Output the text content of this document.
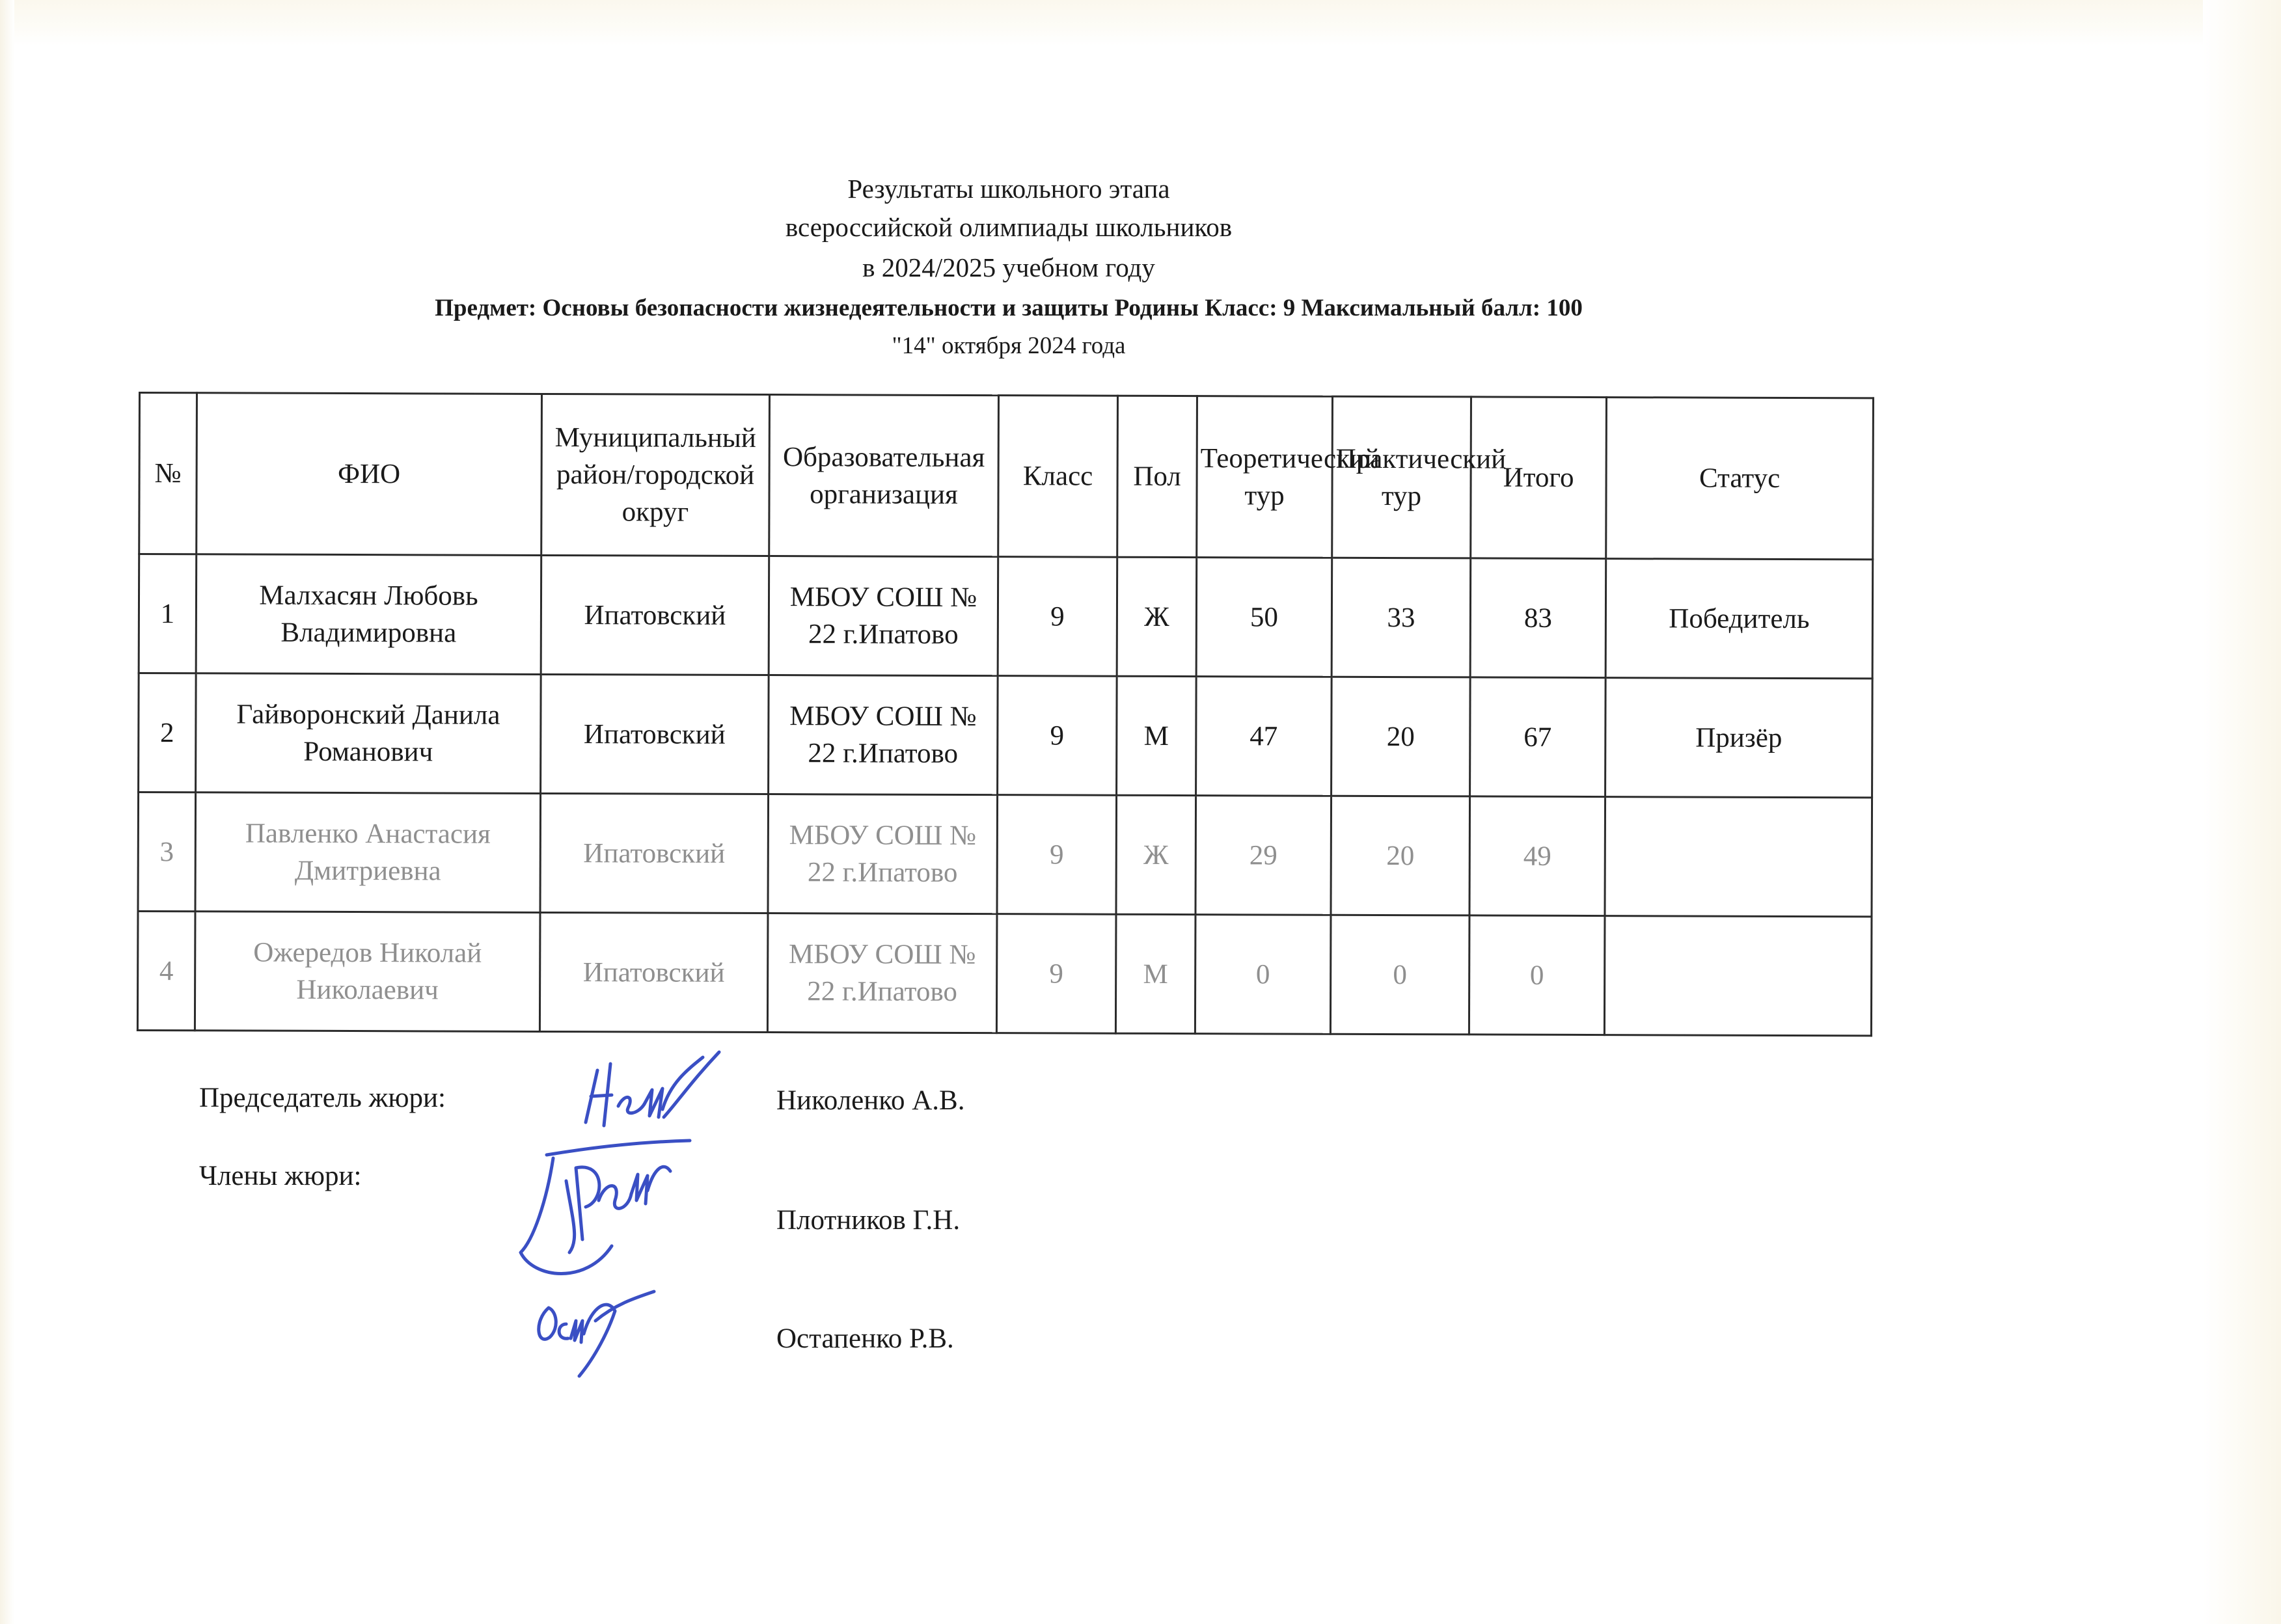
Результаты школьного этапа
всероссийской олимпиады школьников
в 2024/2025 учебном году
Предмет: Основы безопасности жизнедеятельности и защиты Родины Класс: 9 Максимальный балл: 100
"14" октября 2024 года
№	ФИО	Муниципальный район/городской округ	Образовательная организация	Класс	Пол	Теоретический тур	Практический тур	Итого	Статус
1	Малхасян Любовь Владимировна	Ипатовский	МБОУ СОШ № 22 г.Ипатово	9	Ж	50	33	83	Победитель
2	Гайворонский Данила Романович	Ипатовский	МБОУ СОШ № 22 г.Ипатово	9	М	47	20	67	Призёр
3	Павленко Анастасия Дмитриевна	Ипатовский	МБОУ СОШ № 22 г.Ипатово	9	Ж	29	20	49	
4	Ожередов Николай Николаевич	Ипатовский	МБОУ СОШ № 22 г.Ипатово	9	М	0	0	0	
Председатель жюри:	Николенко А.В.
Члены жюри:
Плотников Г.Н.
Остапенко Р.В.
